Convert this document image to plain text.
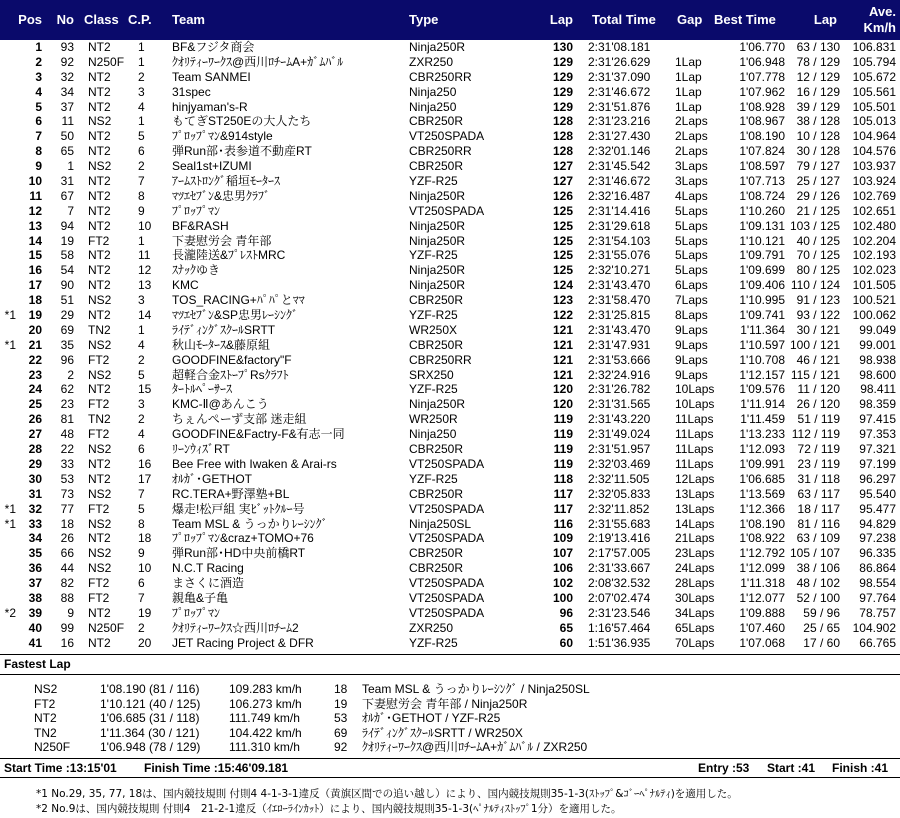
Pos	No Class C.P. Team	Type	Lap Total Time Gap Best Time	Lap
Ave.
Km/h
1	93 NT2 1 BF&フジタ商会	Ninja250R	130 2:31'08.181	1'06.770 63 / 130	106.831
2	92 N250F 1 ｸｵﾘﾃｨｰﾜｰｸｽ@西川ﾛﾁｰﾑA+ｶﾞﾑﾊﾞﾙ	ZXR250	129 2:31'26.629 1Lap	1'06.948 78 / 129	105.794
3	32 NT2 2 Team SANMEI	CBR250RR	129 2:31'37.090 1Lap	1'07.778 12 / 129	105.672
4	34 NT2 3 31spec	Ninja250	129 2:31'46.672 1Lap	1'07.962 16 / 129	105.561
5	37 NT2 4 hinjyaman's-R	Ninja250	129 2:31'51.876 1Lap	1'08.928 39 / 129	105.501
6	11 NS2 1 もてぎST250Eの大人たち	CBR250R	128 2:31'23.216 2Laps	1'08.967 38 / 128	105.013
7	50 NT2 5 ﾌﾟﾛｯﾌﾟﾏﾝ&914style	VT250SPADA	128 2:31'27.430 2Laps	1'08.190 10 / 128	104.964
8	65 NT2 6 弾Run部･表参道不動産RT	CBR250RR	128 2:32'01.146 2Laps	1'07.824 30 / 128	104.576
9	1 NS2 2 Seal1st+IZUMI	CBR250R	127 2:31'45.542 3Laps	1'08.597 79 / 127	103.937
10	31 NT2 7 ｱｰﾑｽﾄﾛﾝｸﾞ稲垣ﾓｰﾀｰｽ	YZF-R25	127 2:31'46.672 3Laps	1'07.713 25 / 127	103.924
11	67 NT2 8 ﾏﾂｴｾﾌﾞﾝ&忠男ｸﾗﾌﾞ	Ninja250R	126 2:32'16.487 4Laps	1'08.724 29 / 126	102.769
12	7 NT2 9 ﾌﾟﾛｯﾌﾟﾏﾝ	VT250SPADA	125 2:31'14.416 5Laps	1'10.260 21 / 125	102.651
13	94 NT2 10 BF&RASH	Ninja250R	125 2:31'29.618 5Laps	1'09.131 103 / 125	102.480
14	19 FT2 1 下妻慰労会 青年部	Ninja250R	125 2:31'54.103 5Laps	1'10.121 40 / 125	102.204
15	58 NT2 11 長瀧陸送&ﾌﾟﾚｽﾄMRC	YZF-R25	125 2:31'55.076 5Laps	1'09.791 70 / 125	102.193
16	54 NT2 12 ｽﾅｯｸゆき	Ninja250R	125 2:32'10.271 5Laps	1'09.699 80 / 125	102.023
17	90 NT2 13 KMC	Ninja250R	124 2:31'43.470 6Laps	1'09.406 110 / 124	101.505
18	51 NS2 3 TOS_RACING+ﾊﾟﾊﾟとﾏﾏ	CBR250R	123 2:31'58.470 7Laps	1'10.995 91 / 123	100.521
*1	19	29 NT2 14 ﾏﾂｴｾﾌﾞﾝ&SP忠男ﾚｰｼﾝｸﾞ	YZF-R25	122 2:31'25.815 8Laps	1'09.741 93 / 122	100.062
20	69 TN2 1 ﾗｲﾃﾞｨﾝｸﾞｽｸｰﾙSRTT	WR250X	121 2:31'43.470 9Laps	1'11.364 30 / 121	99.049
*1	21	35 NS2 4 秋山ﾓｰﾀｰｽ&藤原組	CBR250R	121 2:31'47.931 9Laps	1'10.597 100 / 121	99.001
22	96 FT2 2 GOODFINE&factory"F	CBR250RR	121 2:31'53.666 9Laps	1'10.708 46 / 121	98.938
23	2 NS2 5 超軽合金ｽﾄｰﾌﾟRsｸﾗﾌﾄ	SRX250	121 2:32'24.916 9Laps	1'12.157 115 / 121	98.600
24	62 NT2 15 ﾀｰﾄﾙﾍﾟｰｻｰｽ	YZF-R25	120 2:31'26.782 10Laps	1'09.576	11 / 120	98.411
25	23 FT2 3 KMC-Ⅱ@あんこう	Ninja250R	120 2:31'31.565 10Laps	1'11.914 26 / 120	98.359
26	81 TN2 2 ちぇんぺーず支部 迷走組	WR250R	119 2:31'43.220 11Laps	1'11.459	51 / 119	97.415
27	48 FT2 4 GOODFINE&Factry-F&有志一同	Ninja250	119 2:31'49.024 11Laps	1'13.233 112 / 119	97.353
28	22 NS2 6 ﾘｰﾝｳｨｽﾞRT	CBR250R	119 2:31'51.957 11Laps	1'12.093	72 / 119	97.321
29	33 NT2 16 Bee Free with Iwaken & Arai-rs	VT250SPADA	119 2:32'03.469 11Laps	1'09.991	23 / 119	97.199
30	53 NT2 17 ｵﾙｶﾞ･GETHOT	YZF-R25	118 2:32'11.505 12Laps	1'06.685	31 / 118	96.297
31	73 NS2 7 RC.TERA+野澤塾+BL	CBR250R	117 2:32'05.833 13Laps	1'13.569	63 / 117	95.540
*1	32	77 FT2 5 爆走!松戸組 実ﾋﾞｯﾄｸﾙｰ号	VT250SPADA	117 2:32'11.852 13Laps	1'12.366	18 / 117	95.477
*1	33	18 NS2 8 Team MSL & うっかりﾚｰｼﾝｸﾞ	Ninja250SL	116 2:31'55.683 14Laps	1'08.190	81 / 116	94.829
34	26 NT2 18 ﾌﾟﾛｯﾌﾟﾏﾝ&craz+TOMO+76	VT250SPADA	109 2:19'13.416 21Laps	1'08.922 63 / 109	97.238
35	66 NS2 9 弾Run部･HD中央前橋RT	CBR250R	107 2:17'57.005 23Laps	1'12.792 105 / 107	96.335
36	44 NS2 10 N.C.T Racing	CBR250R	106 2:31'33.667 24Laps	1'12.099 38 / 106	86.864
37	82 FT2 6 まさくに酒造	VT250SPADA	102 2:08'32.532 28Laps	1'11.318 48 / 102	98.554
38	88 FT2 7 親亀&子亀	VT250SPADA	100 2:07'02.474 30Laps	1'12.077 52 / 100	97.764
*2	39	9 NT2 19 ﾌﾟﾛｯﾌﾟﾏﾝ	VT250SPADA	96 2:31'23.546 34Laps	1'09.888	59 / 96	78.757
40	99 N250F 2 ｸｵﾘﾃｨｰﾜｰｸｽ☆西川ﾛﾁｰﾑ2	ZXR250	65 1:16'57.464 65Laps	1'07.460	25 / 65	104.902
41	16 NT2 20 JET Racing Project & DFR	YZF-R25	60 1:51'36.935 70Laps	1'07.068	17 / 60	66.765
Fastest Lap
NS2	1'08.190 (81 / 116) 109.283 km/h	18 Team MSL & うっかりﾚｰｼﾝｸﾞ / Ninja250SL
FT2	1'10.121 (40 / 125) 106.273 km/h	19 下妻慰労会 青年部 / Ninja250R
NT2	1'06.685 (31 / 118) 111.749 km/h	53 ｵﾙｶﾞ･GETHOT / YZF-R25
TN2	1'11.364 (30 / 121) 104.422 km/h	69 ﾗｲﾃﾞｨﾝｸﾞｽｸｰﾙSRTT / WR250X
N250F 1'06.948 (78 / 129) 111.310 km/h	92 ｸｵﾘﾃｨｰﾜｰｸｽ@西川ﾛﾁｰﾑA+ｶﾞﾑﾊﾞﾙ / ZXR250
Start Time :13:15'01 Finish Time :15:46'09.181	Entry :53 Start :41 Finish :41
*1 No.29, 35, 77, 18は、国内競技規則 付則4 4-1-3-1違反（黄旗区間での追い越し）により、国内競技規則35-1-3(ｽﾄｯﾌﾟ&ｺﾞｰﾍﾟﾅﾙﾃｨ)を適用した。
*2 No.9は、国内競技規則 付則4　21-2-1違反（ｲｴﾛｰﾗｲﾝｶｯﾄ）により、国内競技規則35-1-3(ﾍﾟﾅﾙﾃｨｽﾄｯﾌﾟ1分）を適用した。
